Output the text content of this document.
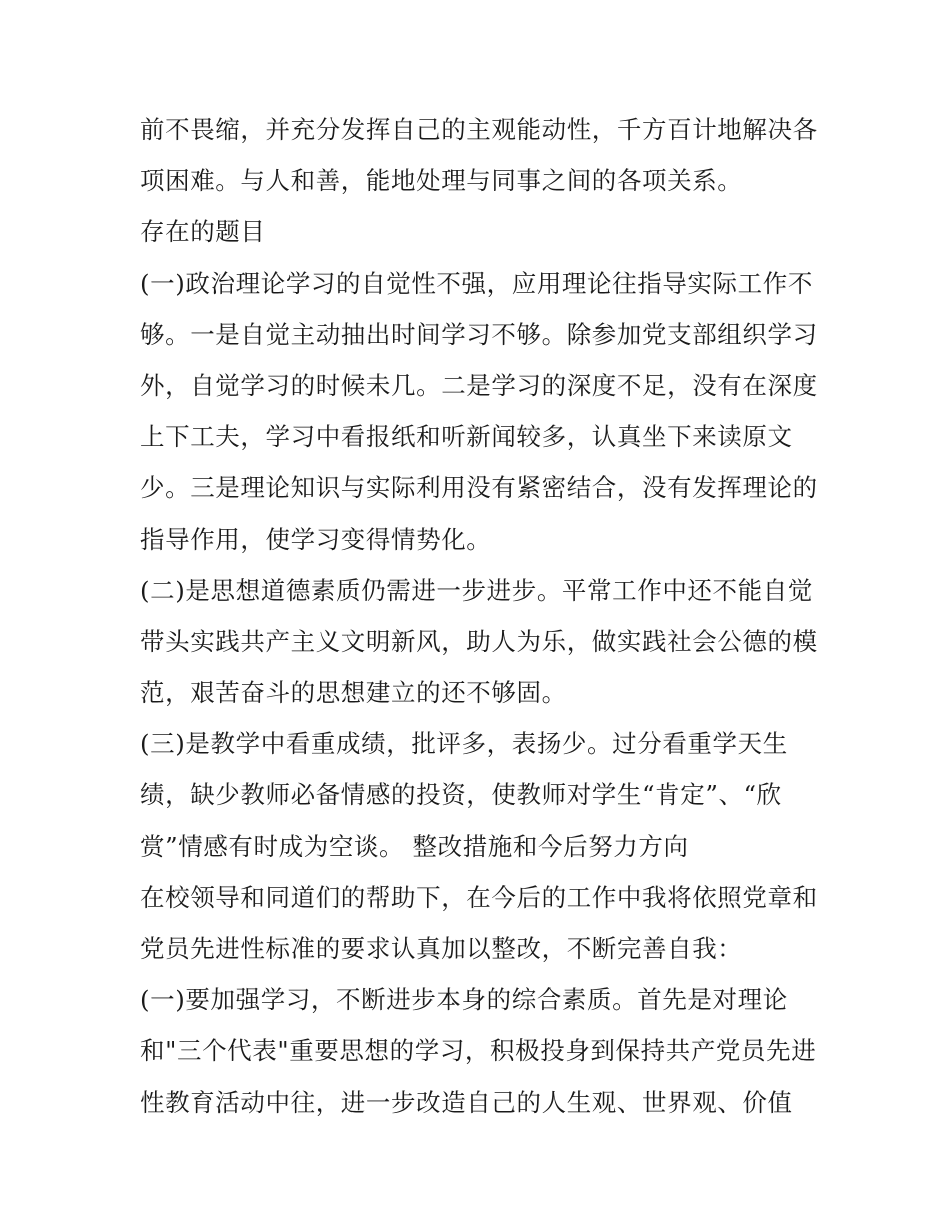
前不畏缩，并充分发挥自己的主观能动性，千方百计地解决各
项困难。与人和善，能地处理与同事之间的各项关系。
存在的题目
(一)政治理论学习的自觉性不强，应用理论往指导实际工作不
够。一是自觉主动抽出时间学习不够。除参加党支部组织学习
外，自觉学习的时候未几。二是学习的深度不足，没有在深度
上下工夫，学习中看报纸和听新闻较多，认真坐下来读原文
少。三是理论知识与实际利用没有紧密结合，没有发挥理论的
指导作用，使学习变得情势化。
(二)是思想道德素质仍需进一步进步。平常工作中还不能自觉
带头实践共产主义文明新风，助人为乐，做实践社会公德的模
范，艰苦奋斗的思想建立的还不够固。
(三)是教学中看重成绩，批评多，表扬少。过分看重学天生
绩，缺少教师必备情感的投资，使教师对学生“肯定”、“欣
赏”情感有时成为空谈。 整改措施和今后努力方向
在校领导和同道们的帮助下，在今后的工作中我将依照党章和
党员先进性标准的要求认真加以整改，不断完善自我：
(一)要加强学习，不断进步本身的综合素质。首先是对理论
和"三个代表"重要思想的学习，积极投身到保持共产党员先进
性教育活动中往，进一步改造自己的人生观、世界观、价值
